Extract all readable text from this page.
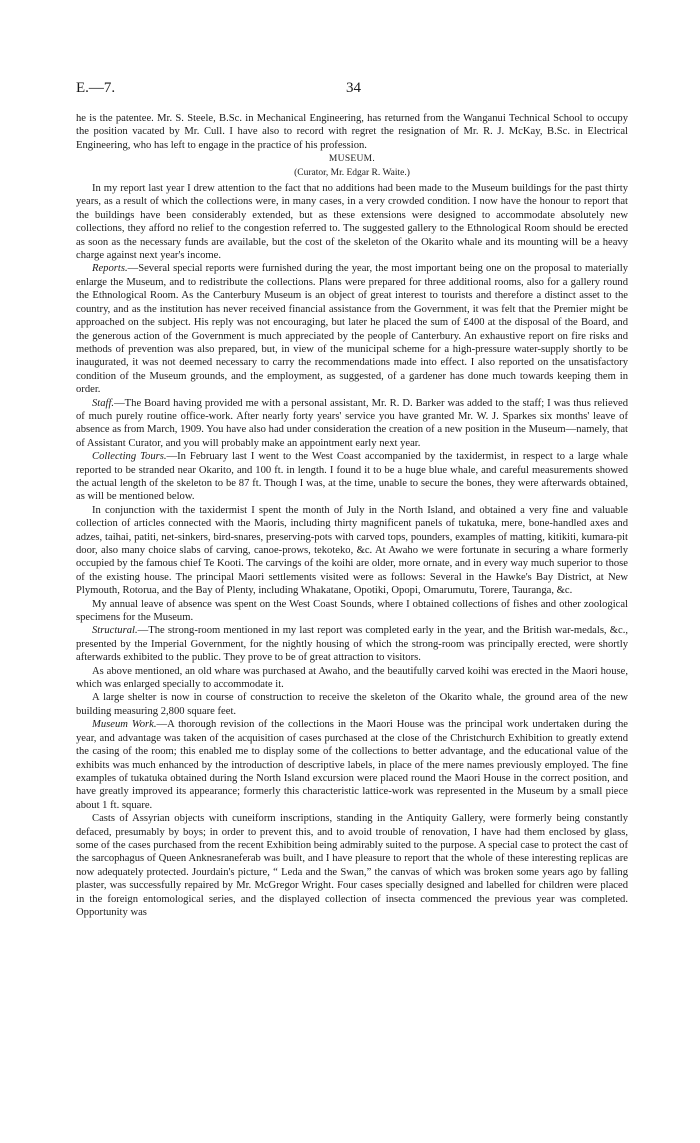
E.—7.	34

he is the patentee. Mr. S. Steele, B.Sc. in Mechanical Engineering, has returned from the Wanganui Technical School to occupy the position vacated by Mr. Cull. I have also to record with regret the resignation of Mr. R. J. McKay, B.Sc. in Electrical Engineering, who has left to engage in the practice of his profession.

MUSEUM.

(Curator, Mr. Edgar R. Waite.)

In my report last year I drew attention to the fact that no additions had been made to the Museum buildings for the past thirty years, as a result of which the collections were, in many cases, in a very crowded condition. I now have the honour to report that the buildings have been considerably extended, but as these extensions were designed to accommodate absolutely new collections, they afford no relief to the congestion referred to. The suggested gallery to the Ethnological Room should be erected as soon as the necessary funds are available, but the cost of the skeleton of the Okarito whale and its mounting will be a heavy charge against next year's income.

Reports.—Several special reports were furnished during the year, the most important being one on the proposal to materially enlarge the Museum, and to redistribute the collections. Plans were prepared for three additional rooms, also for a gallery round the Ethnological Room. As the Canterbury Museum is an object of great interest to tourists and therefore a distinct asset to the country, and as the institution has never received financial assistance from the Government, it was felt that the Premier might be approached on the subject. His reply was not encouraging, but later he placed the sum of £400 at the disposal of the Board, and the generous action of the Government is much appreciated by the people of Canterbury. An exhaustive report on fire risks and methods of prevention was also prepared, but, in view of the municipal scheme for a high-pressure water-supply shortly to be inaugurated, it was not deemed necessary to carry the recommendations made into effect. I also reported on the unsatisfactory condition of the Museum grounds, and the employment, as suggested, of a gardener has done much towards keeping them in order.

Staff.—The Board having provided me with a personal assistant, Mr. R. D. Barker was added to the staff; I was thus relieved of much purely routine office-work. After nearly forty years' service you have granted Mr. W. J. Sparkes six months' leave of absence as from March, 1909. You have also had under consideration the creation of a new position in the Museum—namely, that of Assistant Curator, and you will probably make an appointment early next year.

Collecting Tours.—In February last I went to the West Coast accompanied by the taxidermist, in respect to a large whale reported to be stranded near Okarito, and 100 ft. in length. I found it to be a huge blue whale, and careful measurements showed the actual length of the skeleton to be 87 ft. Though I was, at the time, unable to secure the bones, they were afterwards obtained, as will be mentioned below.

In conjunction with the taxidermist I spent the month of July in the North Island, and obtained a very fine and valuable collection of articles connected with the Maoris, including thirty magnificent panels of tukatuka, mere, bone-handled axes and adzes, taihai, patiti, net-sinkers, bird-snares, preserving-pots with carved tops, pounders, examples of matting, kitikiti, kumara-pit door, also many choice slabs of carving, canoe-prows, tekoteko, &c. At Awaho we were fortunate in securing a whare formerly occupied by the famous chief Te Kooti. The carvings of the koihi are older, more ornate, and in every way much superior to those of the existing house. The principal Maori settlements visited were as follows: Several in the Hawke's Bay District, at New Plymouth, Rotorua, and the Bay of Plenty, including Whakatane, Opotiki, Opopi, Omarumutu, Torere, Tauranga, &c.

My annual leave of absence was spent on the West Coast Sounds, where I obtained collections of fishes and other zoological specimens for the Museum.

Structural.—The strong-room mentioned in my last report was completed early in the year, and the British war-medals, &c., presented by the Imperial Government, for the nightly housing of which the strong-room was principally erected, were shortly afterwards exhibited to the public. They prove to be of great attraction to visitors.

As above mentioned, an old whare was purchased at Awaho, and the beautifully carved koihi was erected in the Maori house, which was enlarged specially to accommodate it.

A large shelter is now in course of construction to receive the skeleton of the Okarito whale, the ground area of the new building measuring 2,800 square feet.

Museum Work.—A thorough revision of the collections in the Maori House was the principal work undertaken during the year, and advantage was taken of the acquisition of cases purchased at the close of the Christchurch Exhibition to greatly extend the casing of the room; this enabled me to display some of the collections to better advantage, and the educational value of the exhibits was much enhanced by the introduction of descriptive labels, in place of the mere names previously employed. The fine examples of tukatuka obtained during the North Island excursion were placed round the Maori House in the correct position, and have greatly improved its appearance; formerly this characteristic lattice-work was represented in the Museum by a small piece about 1 ft. square.

Casts of Assyrian objects with cuneiform inscriptions, standing in the Antiquity Gallery, were formerly being constantly defaced, presumably by boys; in order to prevent this, and to avoid trouble of renovation, I have had them enclosed by glass, some of the cases purchased from the recent Exhibition being admirably suited to the purpose. A special case to protect the cast of the sarcophagus of Queen Anknesraneferab was built, and I have pleasure to report that the whole of these interesting replicas are now adequately protected. Jourdain's picture, “ Leda and the Swan,” the canvas of which was broken some years ago by falling plaster, was successfully repaired by Mr. McGregor Wright. Four cases specially designed and labelled for children were placed in the foreign entomological series, and the displayed collection of insecta commenced the previous year was completed. Opportunity was
